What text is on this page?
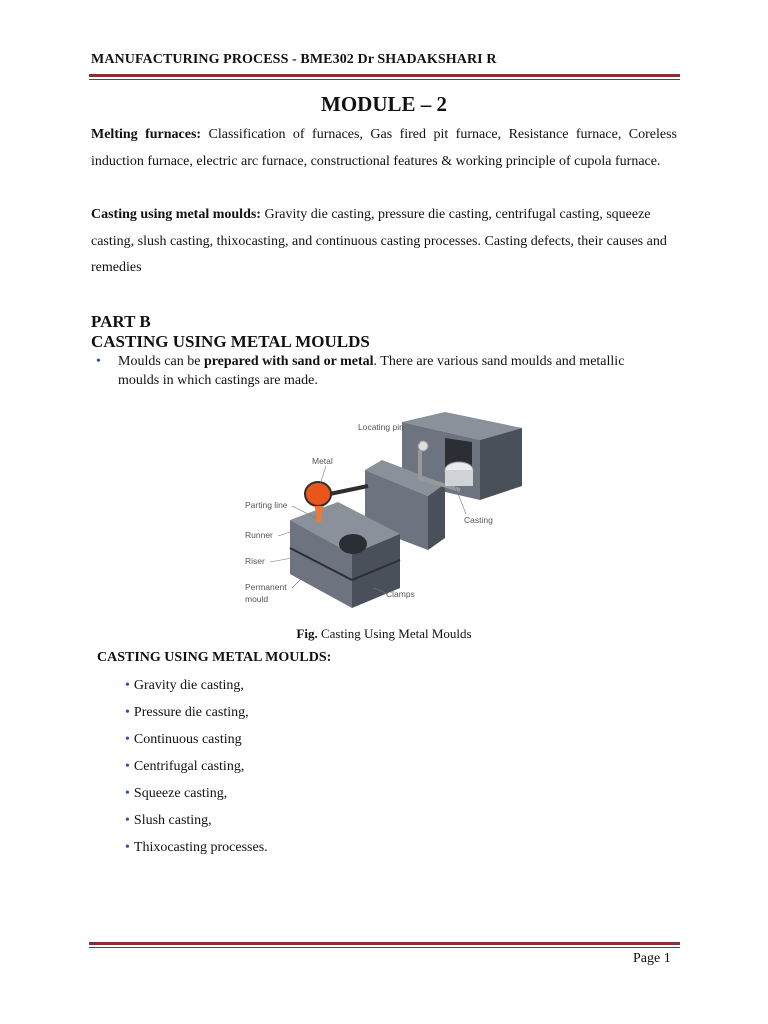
MANUFACTURING PROCESS - BME302 Dr SHADAKSHARI R
MODULE – 2
Melting furnaces: Classification of furnaces, Gas fired pit furnace, Resistance furnace, Coreless induction furnace, electric arc furnace, constructional features & working principle of cupola furnace.
Casting using metal moulds: Gravity die casting, pressure die casting, centrifugal casting, squeeze casting, slush casting, thixocasting, and continuous casting processes. Casting defects, their causes and remedies
PART B
CASTING USING METAL MOULDS
• Moulds can be prepared with sand or metal. There are various sand moulds and metallic moulds in which castings are made.
Locating pin
Metal
Parting line
Runner
Riser
Permanent
mould	Clamps
Casting
Fig. Casting Using Metal Moulds
CASTING USING METAL MOULDS:
• Gravity die casting,
• Pressure die casting,
• Continuous casting
• Centrifugal casting,
• Squeeze casting,
• Slush casting,
• Thixocasting processes.
Page 1
